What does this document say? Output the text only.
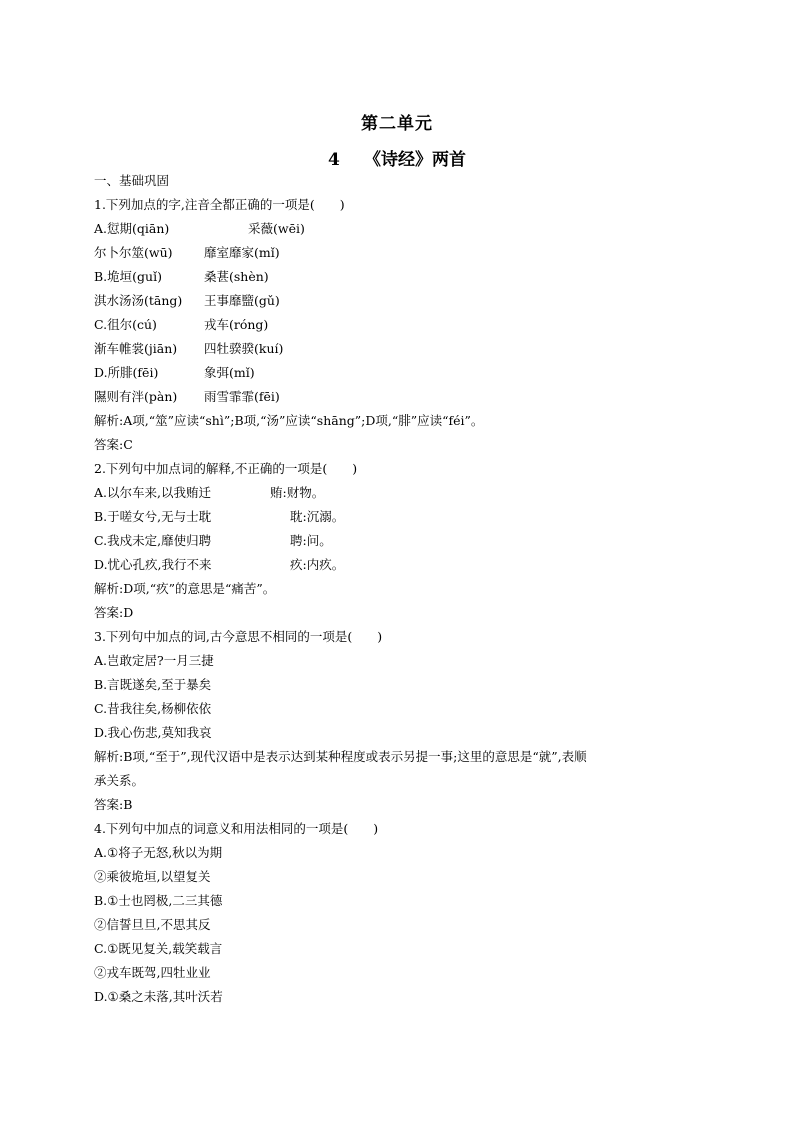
第二单元
4 《诗经》两首
一、基础巩固
1.下列加点的字,注音全都正确的一项是(　　)
A.愆期(qiān)	采薇(wēi)
尔卜尔筮(wū)	靡室靡家(mǐ)
B.垝垣(guǐ)	桑葚(shèn)
淇水汤汤(tāng) 王事靡盬(gǔ)
C.徂尔(cú)	戎车(róng)
渐车帷裳(jiān) 四牡骙骙(kuí)
D.所腓(fēi)	象弭(mǐ)
隰则有泮(pàn) 雨雪霏霏(fēi)
解析:A项,“筮”应读“shì”;B项,“汤”应读“shāng”;D项,“腓”应读“féi”。
答案:C
2.下列句中加点词的解释,不正确的一项是(　　)
A.以尔车来,以我贿迁	贿:财物。
B.于嗟女兮,无与士耽	耽:沉溺。
C.我戍未定,靡使归聘	聘:问。
D.忧心孔疚,我行不来	疚:内疚。
解析:D项,“疚”的意思是“痛苦”。
答案:D
3.下列句中加点的词,古今意思不相同的一项是(　　)
A.岂敢定居?一月三捷
B.言既遂矣,至于暴矣
C.昔我往矣,杨柳依依
D.我心伤悲,莫知我哀
解析:B项,“至于”,现代汉语中是表示达到某种程度或表示另提一事;这里的意思是“就”,表顺
承关系。
答案:B
4.下列句中加点的词意义和用法相同的一项是(　　)
A.①将子无怒,秋以为期
②乘彼垝垣,以望复关
B.①士也罔极,二三其德
②信誓旦旦,不思其反
C.①既见复关,载笑载言
②戎车既驾,四牡业业
D.①桑之未落,其叶沃若
